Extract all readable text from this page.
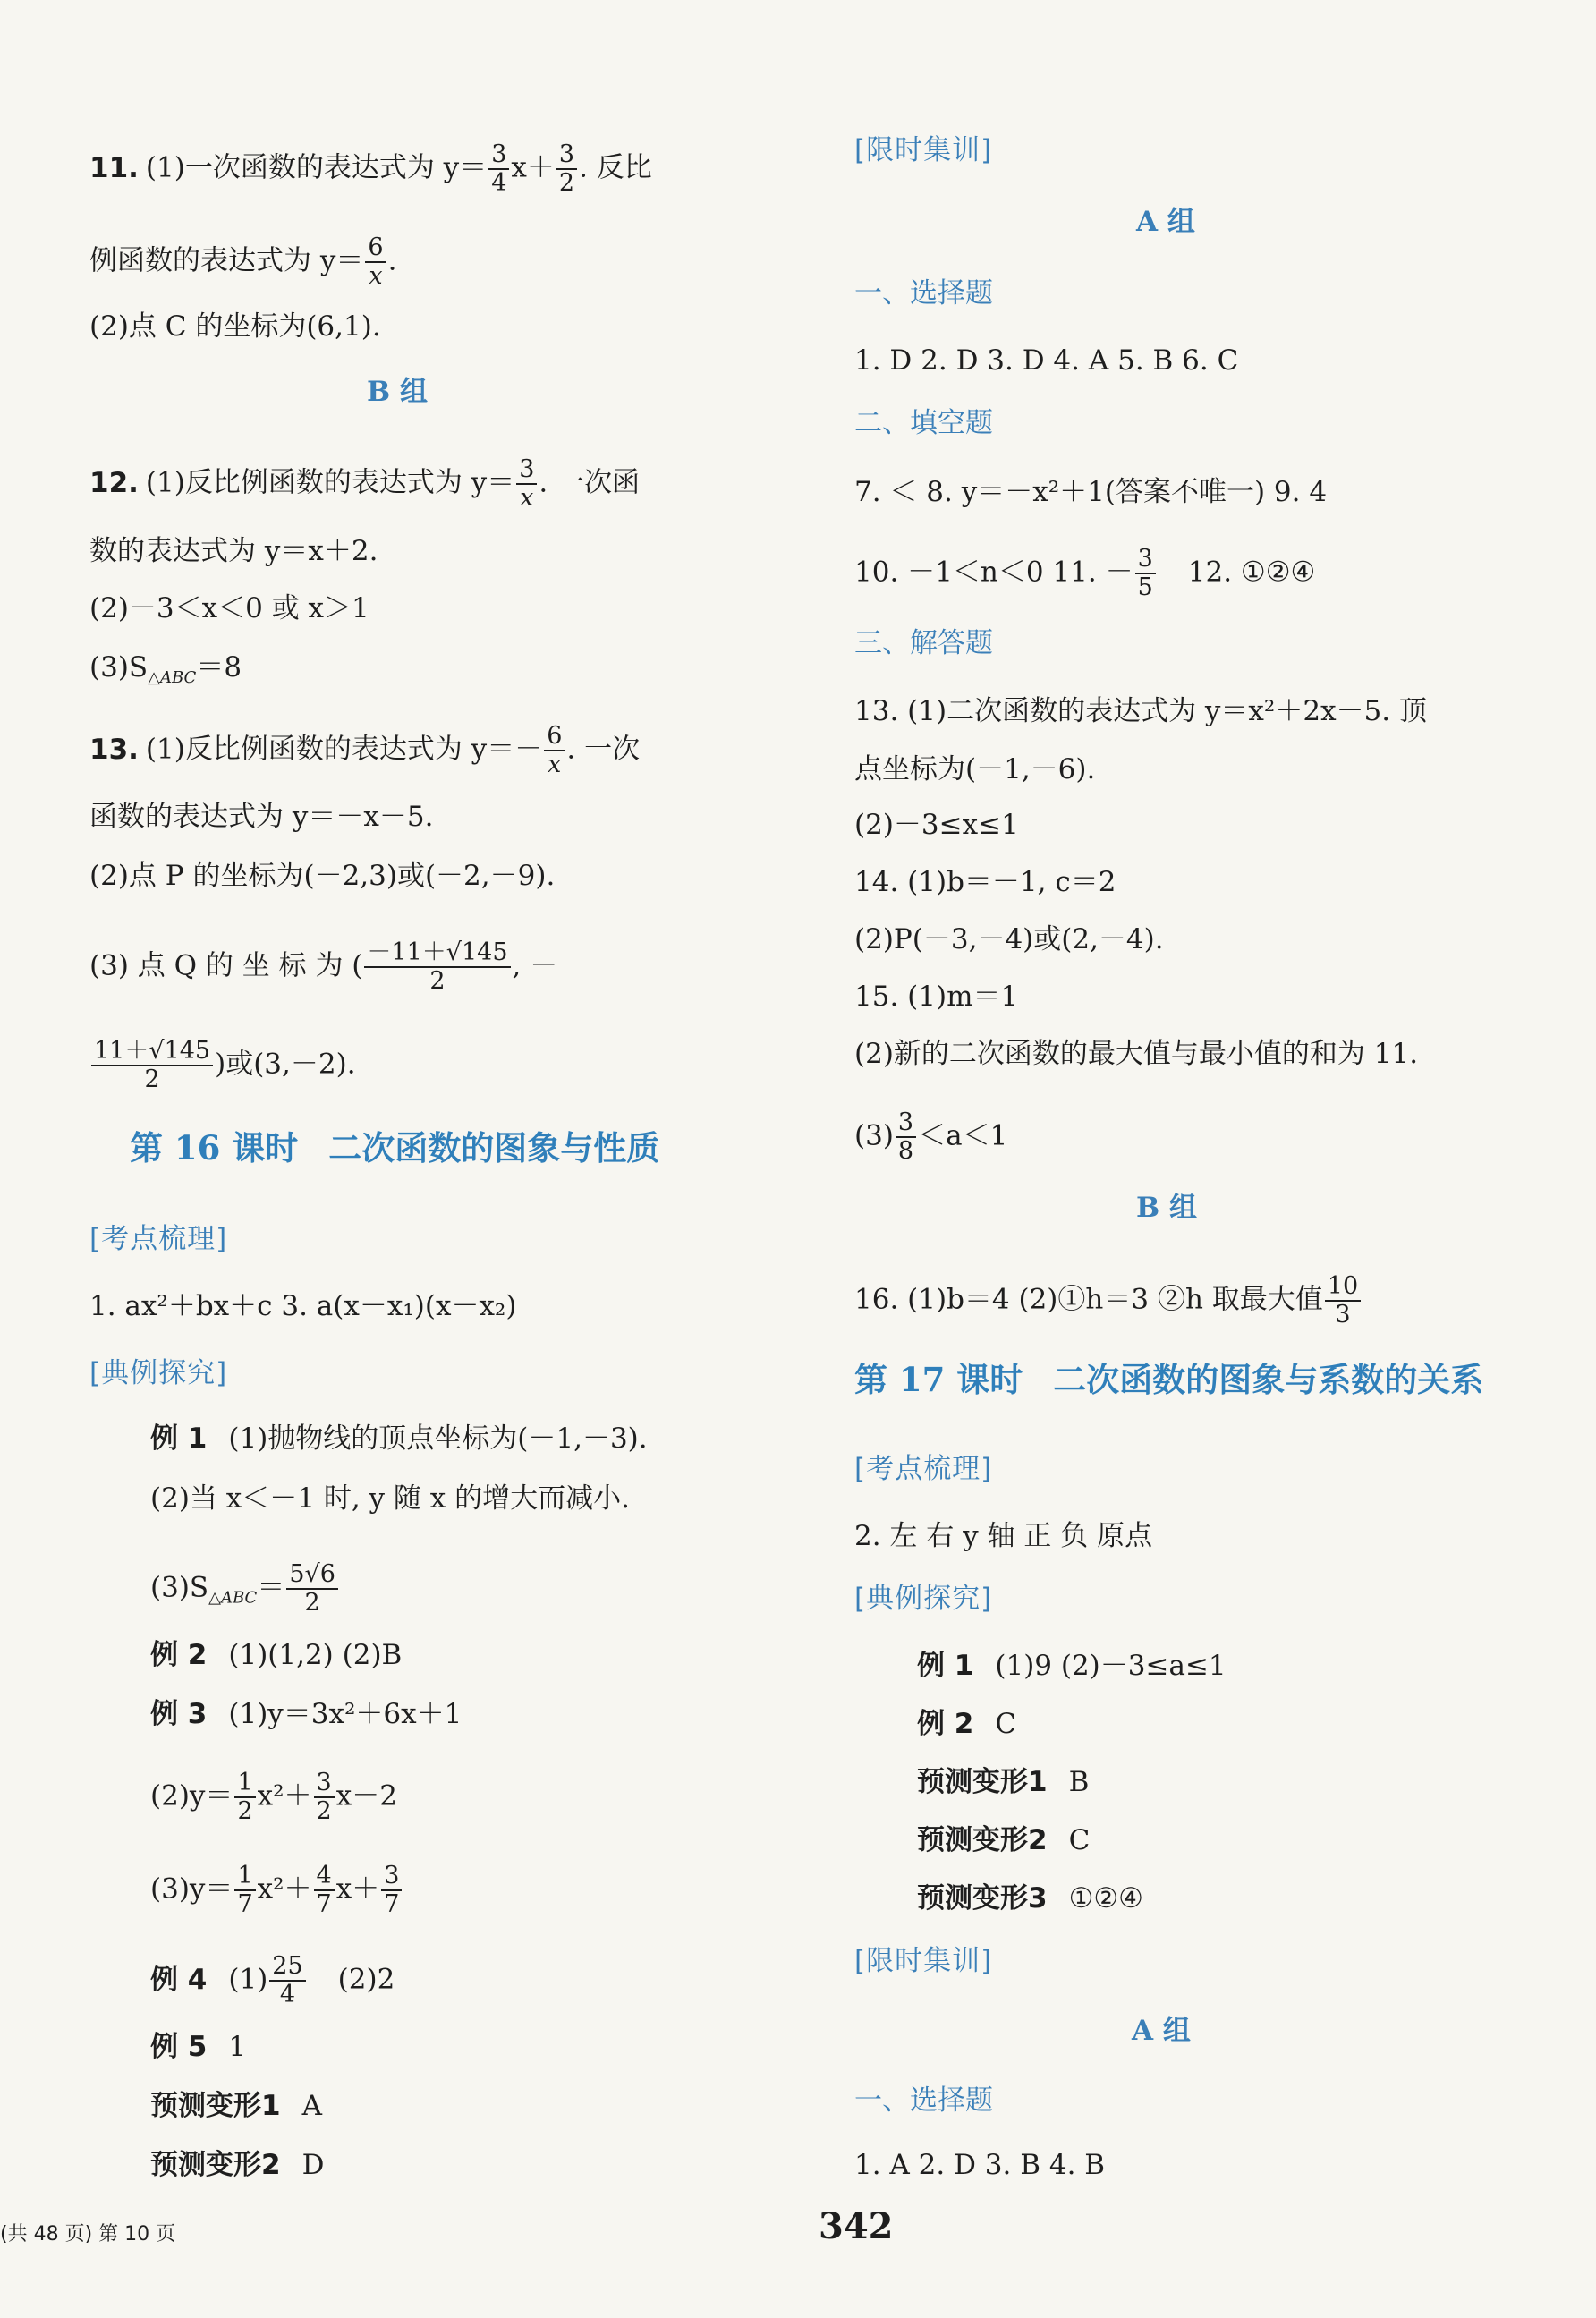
11. (1)一次函数的表达式为 $y= \frac{3}{4} x+ \frac{3}{2}$ . 反比
例函数的表达式为 $y= \frac{6}{x}$ .
(2)点 C 的坐标为(6,1).
B 组
12. (1)反比例函数的表达式为 $y= \frac{3}{x}$ . 一次函
数的表达式为 y＝x＋2.
(2)－3＜x＜0 或 x＞1
$(3)S_{\triangle ABC}=8$
13. (1)反比例函数的表达式为 $y=- \frac{6}{x}$ . 一次
函数的表达式为 y＝－x－5.
(2)点 P 的坐标为(－2,3)或(－2,－9).
(3) 点 Q 的 坐 标 为 ( $\frac{-11+√145}{2}$ , －
$\frac{11+√145}{2}$ )或(3,－2).
第 16 课时 二次函数的图象与性质
[考点梳理]
1. ax²＋bx＋c 3. a(x－x₁)(x－x₂)
[典例探究]
例 1 (1)抛物线的顶点坐标为(－1,－3).
(2)当 x＜－1 时, y 随 x 的增大而减小.
$(3)S_{\triangle ABC}= \frac{5√6}{2}$
例 2 (1)(1,2) (2)B
例 3 (1)y＝3x²＋6x＋1
$(2)y= \frac{1}{2} x^2+ \frac{3}{2} x-2$
$(3)y= \frac{1}{7} x^2+ \frac{4}{7} x+ \frac{3}{7}$
例 4 $(1) \frac{25}{4} (2)2$
例 5 1
预测变形1 A
预测变形2 D
[限时集训]
A 组
一、选择题
1. D 2. D 3. D 4. A 5. B 6. C
二、填空题
7. ＜ 8. y＝－x²＋1(答案不唯一) 9. 4
10. －1＜n＜0 11. － $\frac{3}{5} 12$. ①②④
三、解答题
13. (1)二次函数的表达式为 y＝x²＋2x－5. 顶
点坐标为(－1,－6).
(2)－3≤x≤1
14. (1)b＝－1, c＝2
(2)P(－3,－4)或(2,－4).
15. (1)m＝1
(2)新的二次函数的最大值与最小值的和为 11.
$(3) \frac{3}{8} <a<1$
B 组
16. (1)b＝4 (2)①h＝3 ②h 取最大值 $\frac{10}{3}$
第 17 课时 二次函数的图象与系数的关系
[考点梳理]
2. 左 右 y 轴 正 负 原点
[典例探究]
例 1 (1)9 (2)－3≤a≤1
例 2 C
预测变形1 B
预测变形2 C
预测变形3 ①②④
[限时集训]
A 组
一、选择题
1. A 2. D 3. B 4. B
(共 48 页) 第 10 页	342
